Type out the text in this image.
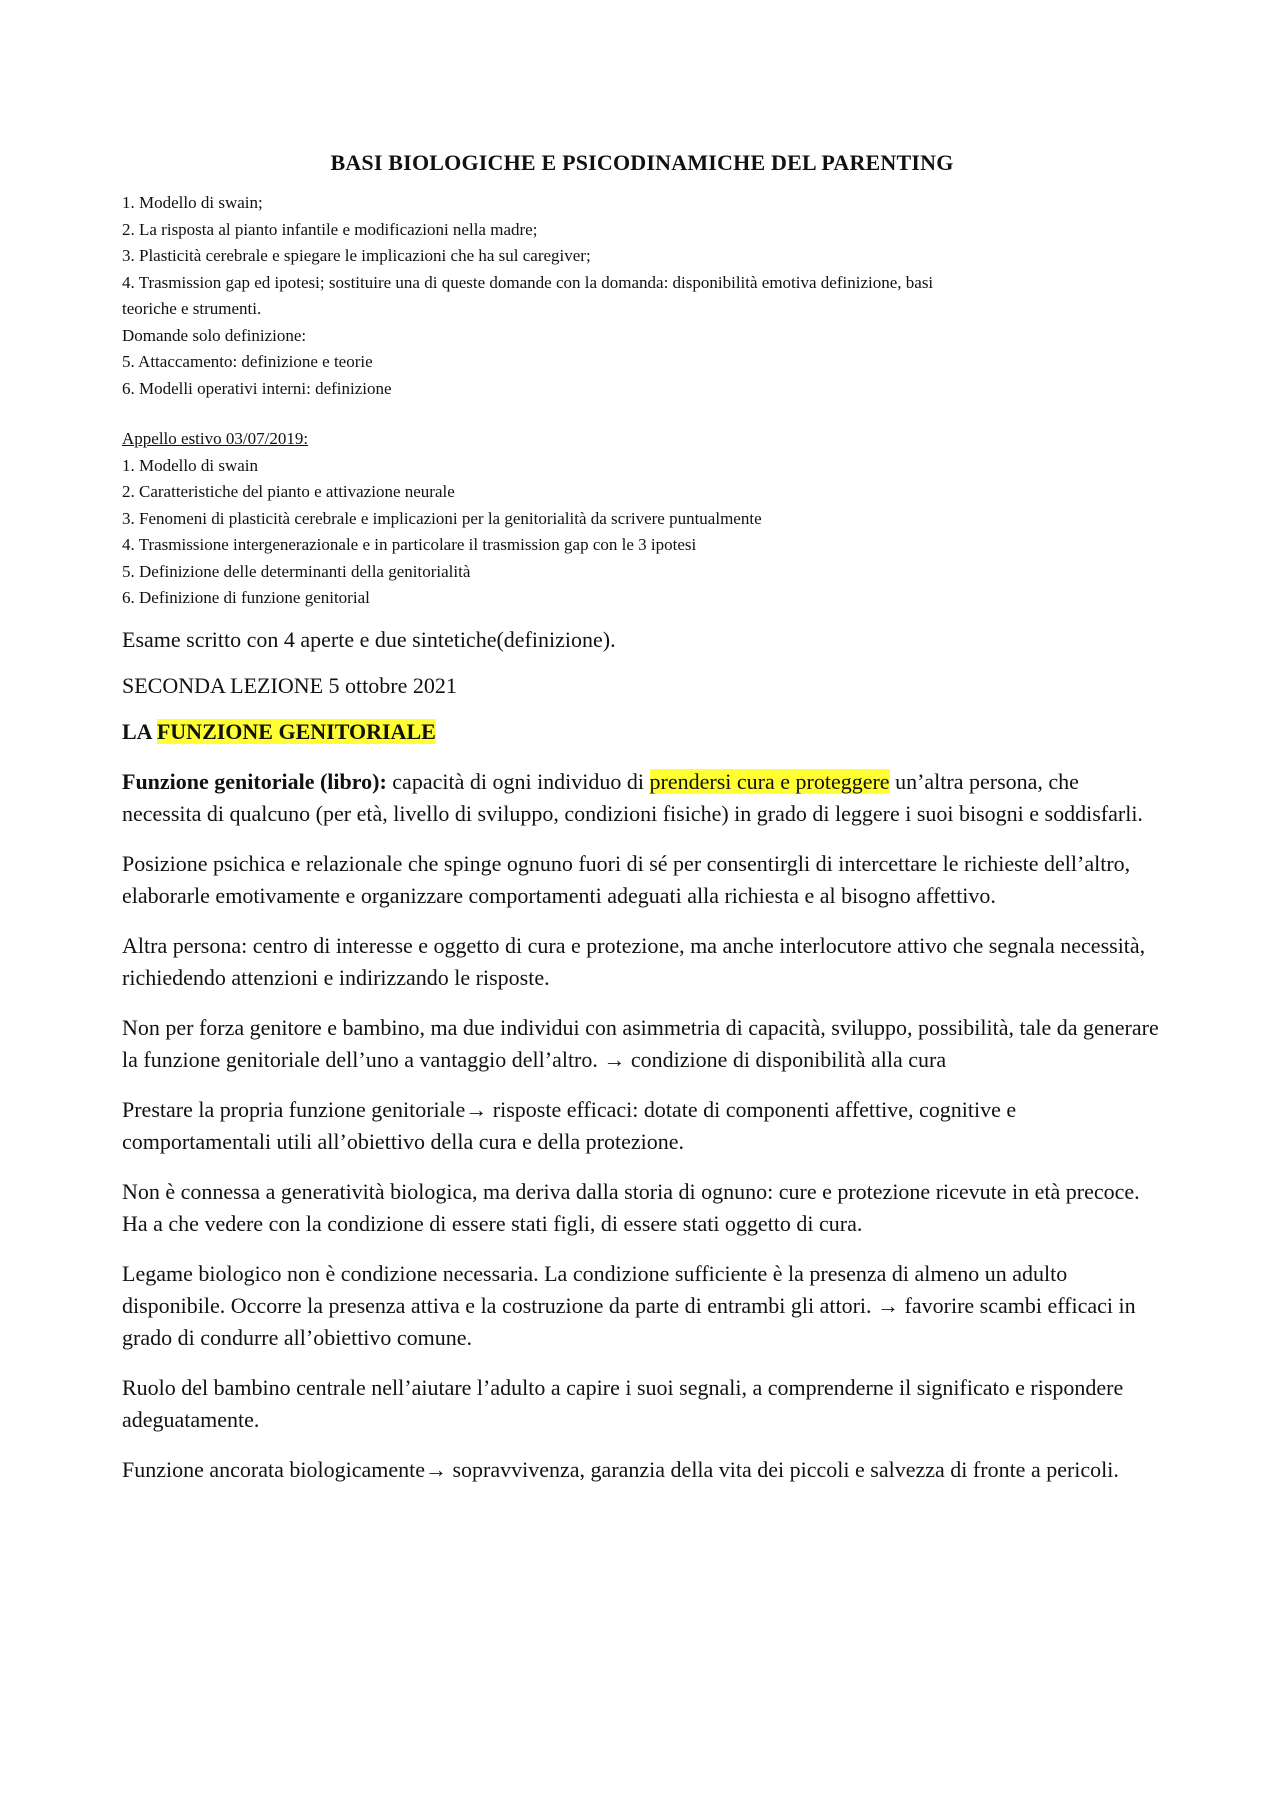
BASI BIOLOGICHE E PSICODINAMICHE DEL PARENTING
1. Modello di swain;
2. La risposta al pianto infantile e modificazioni nella madre;
3. Plasticità cerebrale e spiegare le implicazioni che ha sul caregiver;
4. Trasmission gap ed ipotesi; sostituire una di queste domande con la domanda: disponibilità emotiva definizione, basi
teoriche e strumenti.
Domande solo definizione:
5. Attaccamento: definizione e teorie
6. Modelli operativi interni: definizione
Appello estivo 03/07/2019:
1. Modello di swain
2. Caratteristiche del pianto e attivazione neurale
3. Fenomeni di plasticità cerebrale e implicazioni per la genitorialità da scrivere puntualmente
4. Trasmissione intergenerazionale e in particolare il trasmission gap con le 3 ipotesi
5. Definizione delle determinanti della genitorialità
6. Definizione di funzione genitorial

Esame scritto con 4 aperte e due sintetiche(definizione).

SECONDA LEZIONE 5 ottobre 2021

LA FUNZIONE GENITORIALE

Funzione genitoriale (libro): capacità di ogni individuo di prendersi cura e proteggere un’altra persona, che necessita di qualcuno (per età, livello di sviluppo, condizioni fisiche) in grado di leggere i suoi bisogni e soddisfarli.

Posizione psichica e relazionale che spinge ognuno fuori di sé per consentirgli di intercettare le richieste dell’altro, elaborarle emotivamente e organizzare comportamenti adeguati alla richiesta e al bisogno affettivo.

Altra persona: centro di interesse e oggetto di cura e protezione, ma anche interlocutore attivo che segnala necessità, richiedendo attenzioni e indirizzando le risposte.

Non per forza genitore e bambino, ma due individui con asimmetria di capacità, sviluppo, possibilità, tale da generare la funzione genitoriale dell’uno a vantaggio dell’altro. → condizione di disponibilità alla cura

Prestare la propria funzione genitoriale→ risposte efficaci: dotate di componenti affettive, cognitive e comportamentali utili all’obiettivo della cura e della protezione.

Non è connessa a generatività biologica, ma deriva dalla storia di ognuno: cure e protezione ricevute in età precoce. Ha a che vedere con la condizione di essere stati figli, di essere stati oggetto di cura.

Legame biologico non è condizione necessaria. La condizione sufficiente è la presenza di almeno un adulto disponibile. Occorre la presenza attiva e la costruzione da parte di entrambi gli attori. → favorire scambi efficaci in grado di condurre all’obiettivo comune.

Ruolo del bambino centrale nell’aiutare l’adulto a capire i suoi segnali, a comprenderne il significato e rispondere adeguatamente.

Funzione ancorata biologicamente→ sopravvivenza, garanzia della vita dei piccoli e salvezza di fronte a pericoli.
